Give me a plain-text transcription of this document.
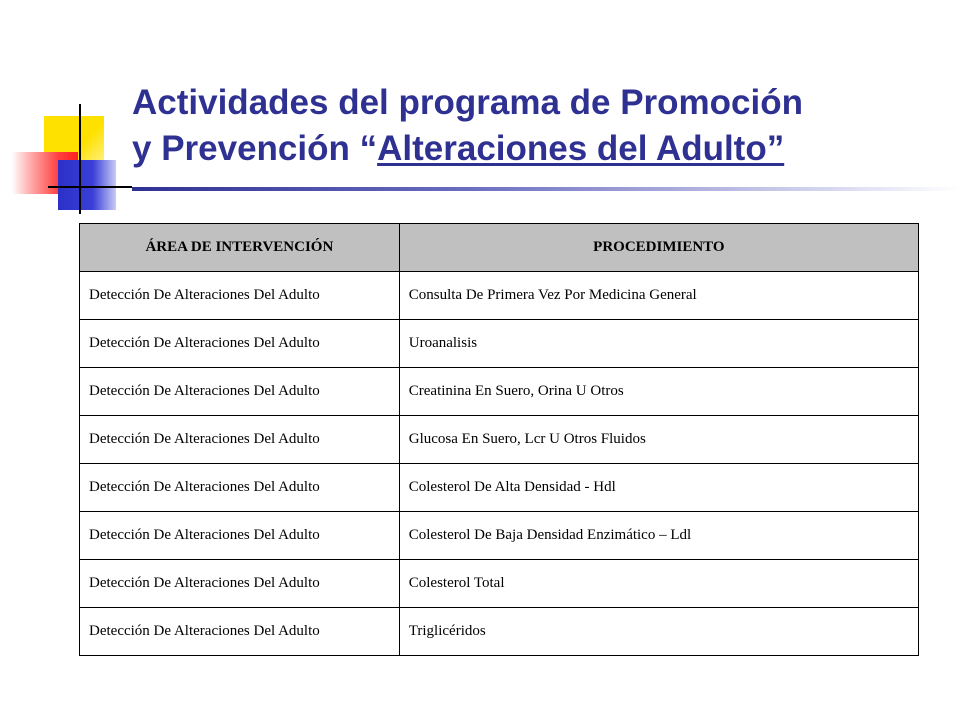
Actividades del programa de Promoción
y Prevención “Alteraciones del Adulto”
ÁREA DE INTERVENCIÓN	PROCEDIMIENTO
Detección De Alteraciones Del Adulto	Consulta De Primera Vez Por Medicina General
Detección De Alteraciones Del Adulto	Uroanalisis
Detección De Alteraciones Del Adulto	Creatinina En Suero, Orina U Otros
Detección De Alteraciones Del Adulto	Glucosa En Suero, Lcr U Otros Fluidos
Detección De Alteraciones Del Adulto	Colesterol De Alta Densidad - Hdl
Detección De Alteraciones Del Adulto	Colesterol De Baja Densidad Enzimático – Ldl
Detección De Alteraciones Del Adulto	Colesterol Total
Detección De Alteraciones Del Adulto	Triglicéridos
